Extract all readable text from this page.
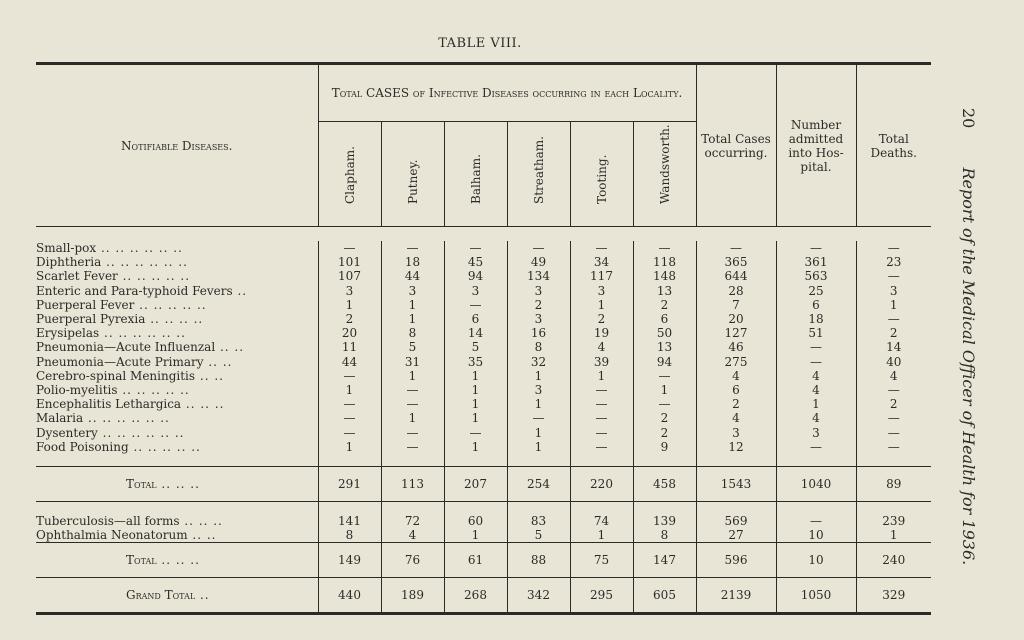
TABLE VIII.
20 Report of the Medical Officer of Health for 1936.

Notifiable Diseases.	Total CASES of Infective Diseases occurring in each Locality.						Total Cases occurring.	Number admitted into Hos- pital.	Total Deaths.

	Clapham.	Putney.	Balham.	Streatham.	Tooting.	Wandsworth.			

Small-pox .. .. .. .. .. ..	—	—	—	—	—	—	—	—	—
Diphtheria .. .. .. .. .. ..	101	18	45	49	34	118	365	361	23
Scarlet Fever .. .. .. .. ..	107	44	94	134	117	148	644	563	—
Enteric and Para-typhoid Fevers ..	3	3	3	3	3	13	28	25	3
Puerperal Fever .. .. .. .. ..	1	1	—	2	1	2	7	6	1
Puerperal Pyrexia .. .. .. ..	2	1	6	3	2	6	20	18	—
Erysipelas .. .. .. .. .. ..	20	8	14	16	19	50	127	51	2
Pneumonia—Acute Influenzal .. ..	11	5	5	8	4	13	46	—	14
Pneumonia—Acute Primary .. ..	44	31	35	32	39	94	275	—	40
Cerebro-spinal Meningitis .. ..	—	1	1	1	1	—	4	4	4
Polio-myelitis .. .. .. .. ..	1	—	1	3	—	1	6	4	—
Encephalitis Lethargica .. .. ..	—	—	1	1	—	—	2	1	2
Malaria .. .. .. .. .. ..	—	1	1	—	—	2	4	4	—
Dysentery .. .. .. .. .. ..	—	—	—	1	—	2	3	3	—
Food Poisoning .. .. .. .. ..	1	—	1	1	—	9	12	—	—

Total .. .. ..	291	113	207	254	220	458	1543	1040	89

Tuberculosis—all forms .. .. ..	141	72	60	83	74	139	569	—	239
Ophthalmia Neonatorum .. ..	8	4	1	5	1	8	27	10	1
Total .. .. ..	149	76	61	88	75	147	596	10	240
Grand Total ..	440	189	268	342	295	605	2139	1050	329
